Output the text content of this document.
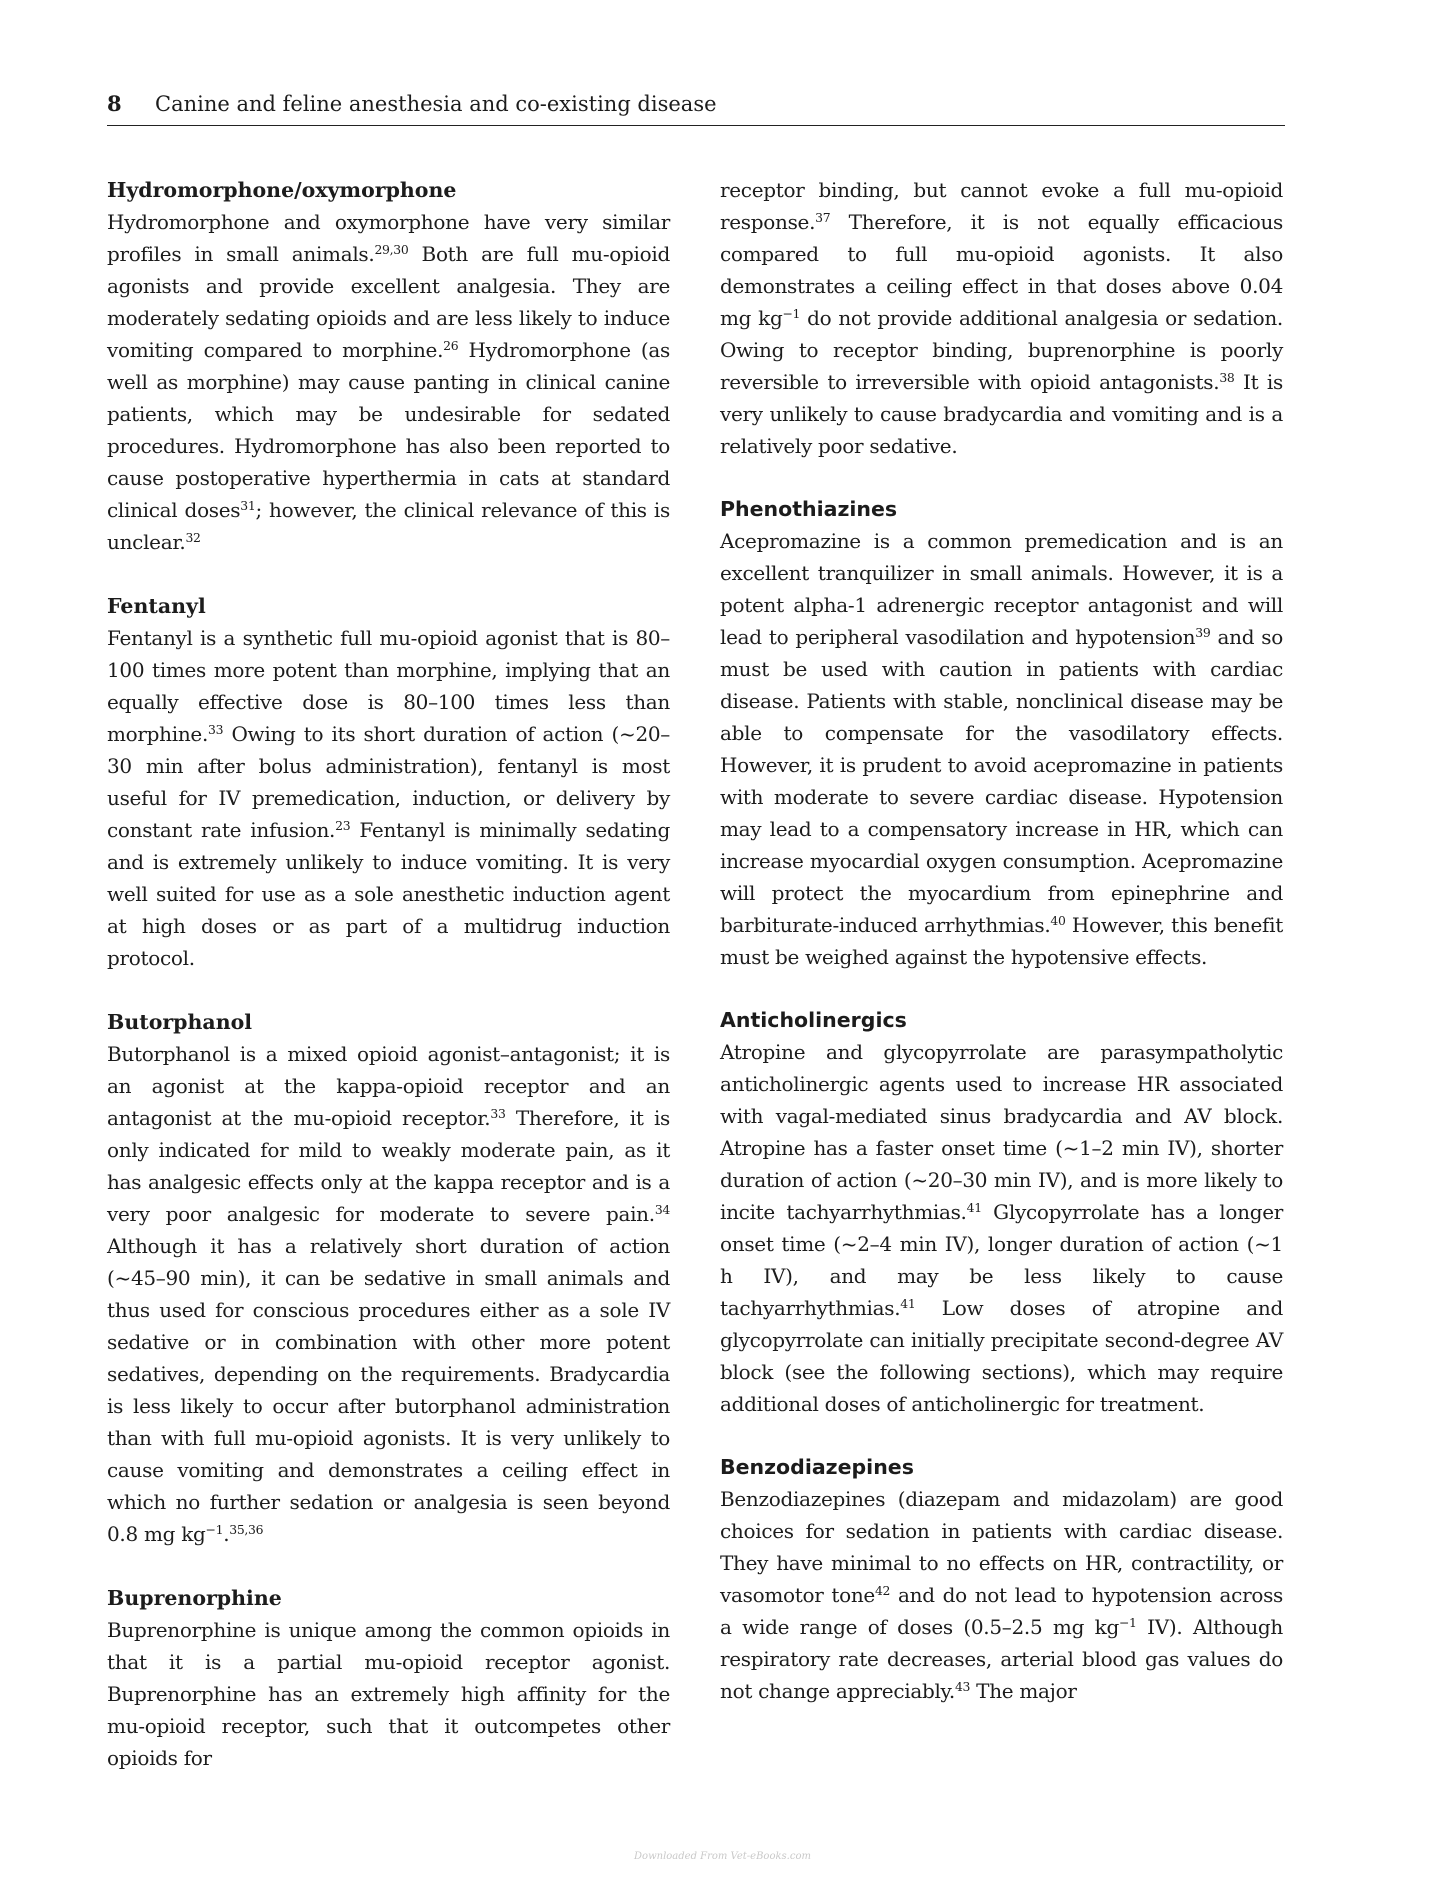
8 Canine and feline anesthesia and co-existing disease
Hydromorphone/oxymorphone

Hydromorphone and oxymorphone have very similar profiles in small animals.$^{29,30}$ Both are full mu-opioid agonists and provide excellent analgesia. They are moderately sedating opioids and are less likely to induce vomiting compared to morphine.$^{26}$ Hydromorphone (as well as morphine) may cause panting in clinical canine patients, which may be undesirable for sedated procedures. Hydromorphone has also been reported to cause postoperative hyperthermia in cats at standard clinical doses$^{31}$; however, the clinical relevance of this is unclear.$^{32}$

Fentanyl

Fentanyl is a synthetic full mu-opioid agonist that is 80–100 times more potent than morphine, implying that an equally effective dose is 80–100 times less than morphine.$^{33}$ Owing to its short duration of action (~20–30 min after bolus administration), fentanyl is most useful for IV premedication, induction, or delivery by constant rate infusion.$^{23}$ Fentanyl is minimally sedating and is extremely unlikely to induce vomiting. It is very well suited for use as a sole anesthetic induction agent at high doses or as part of a multidrug induction protocol.

Butorphanol

Butorphanol is a mixed opioid agonist–antagonist; it is an agonist at the kappa-opioid receptor and an antagonist at the mu-opioid receptor.$^{33}$ Therefore, it is only indicated for mild to weakly moderate pain, as it has analgesic effects only at the kappa receptor and is a very poor analgesic for moderate to severe pain.$^{34}$ Although it has a relatively short duration of action (~45–90 min), it can be sedative in small animals and thus used for conscious procedures either as a sole IV sedative or in combination with other more potent sedatives, depending on the requirements. Bradycardia is less likely to occur after butorphanol administration than with full mu-opioid agonists. It is very unlikely to cause vomiting and demonstrates a ceiling effect in which no further sedation or analgesia is seen beyond 0.8 mg $kg^{-1}.^{35,36}$

Buprenorphine

Buprenorphine is unique among the common opioids in that it is a partial mu-opioid receptor agonist. Buprenorphine has an extremely high affinity for the mu-opioid receptor, such that it outcompetes other opioids for

receptor binding, but cannot evoke a full mu-opioid response.$^{37}$ Therefore, it is not equally efficacious compared to full mu-opioid agonists. It also demonstrates a ceiling effect in that doses above 0.04 mg $kg^{-1}$ do not provide additional analgesia or sedation. Owing to receptor binding, buprenorphine is poorly reversible to irreversible with opioid antagonists.$^{38}$ It is very unlikely to cause bradycardia and vomiting and is a relatively poor sedative.

Phenothiazines

Acepromazine is a common premedication and is an excellent tranquilizer in small animals. However, it is a potent alpha-1 adrenergic receptor antagonist and will lead to peripheral vasodilation and hypotension$^{39}$ and so must be used with caution in patients with cardiac disease. Patients with stable, nonclinical disease may be able to compensate for the vasodilatory effects. However, it is prudent to avoid acepromazine in patients with moderate to severe cardiac disease. Hypotension may lead to a compensatory increase in HR, which can increase myocardial oxygen consumption. Acepromazine will protect the myocardium from epinephrine and barbiturate-induced arrhythmias.$^{40}$ However, this benefit must be weighed against the hypotensive effects.

Anticholinergics

Atropine and glycopyrrolate are parasympatholytic anticholinergic agents used to increase HR associated with vagal-mediated sinus bradycardia and AV block. Atropine has a faster onset time (~1–2 min IV), shorter duration of action (~20–30 min IV), and is more likely to incite tachyarrhythmias.$^{41}$ Glycopyrrolate has a longer onset time (~2–4 min IV), longer duration of action (~1 h IV), and may be less likely to cause tachyarrhythmias.$^{41}$ Low doses of atropine and glycopyrrolate can initially precipitate second-degree AV block (see the following sections), which may require additional doses of anticholinergic for treatment.

Benzodiazepines

Benzodiazepines (diazepam and midazolam) are good choices for sedation in patients with cardiac disease. They have minimal to no effects on HR, contractility, or vasomotor tone$^{42}$ and do not lead to hypotension across a wide range of doses (0.5–2.5 mg $kg^{-1}$ IV). Although respiratory rate decreases, arterial blood gas values do not change appreciably.$^{43}$ The major

Downloaded From Vet-eBooks.com
